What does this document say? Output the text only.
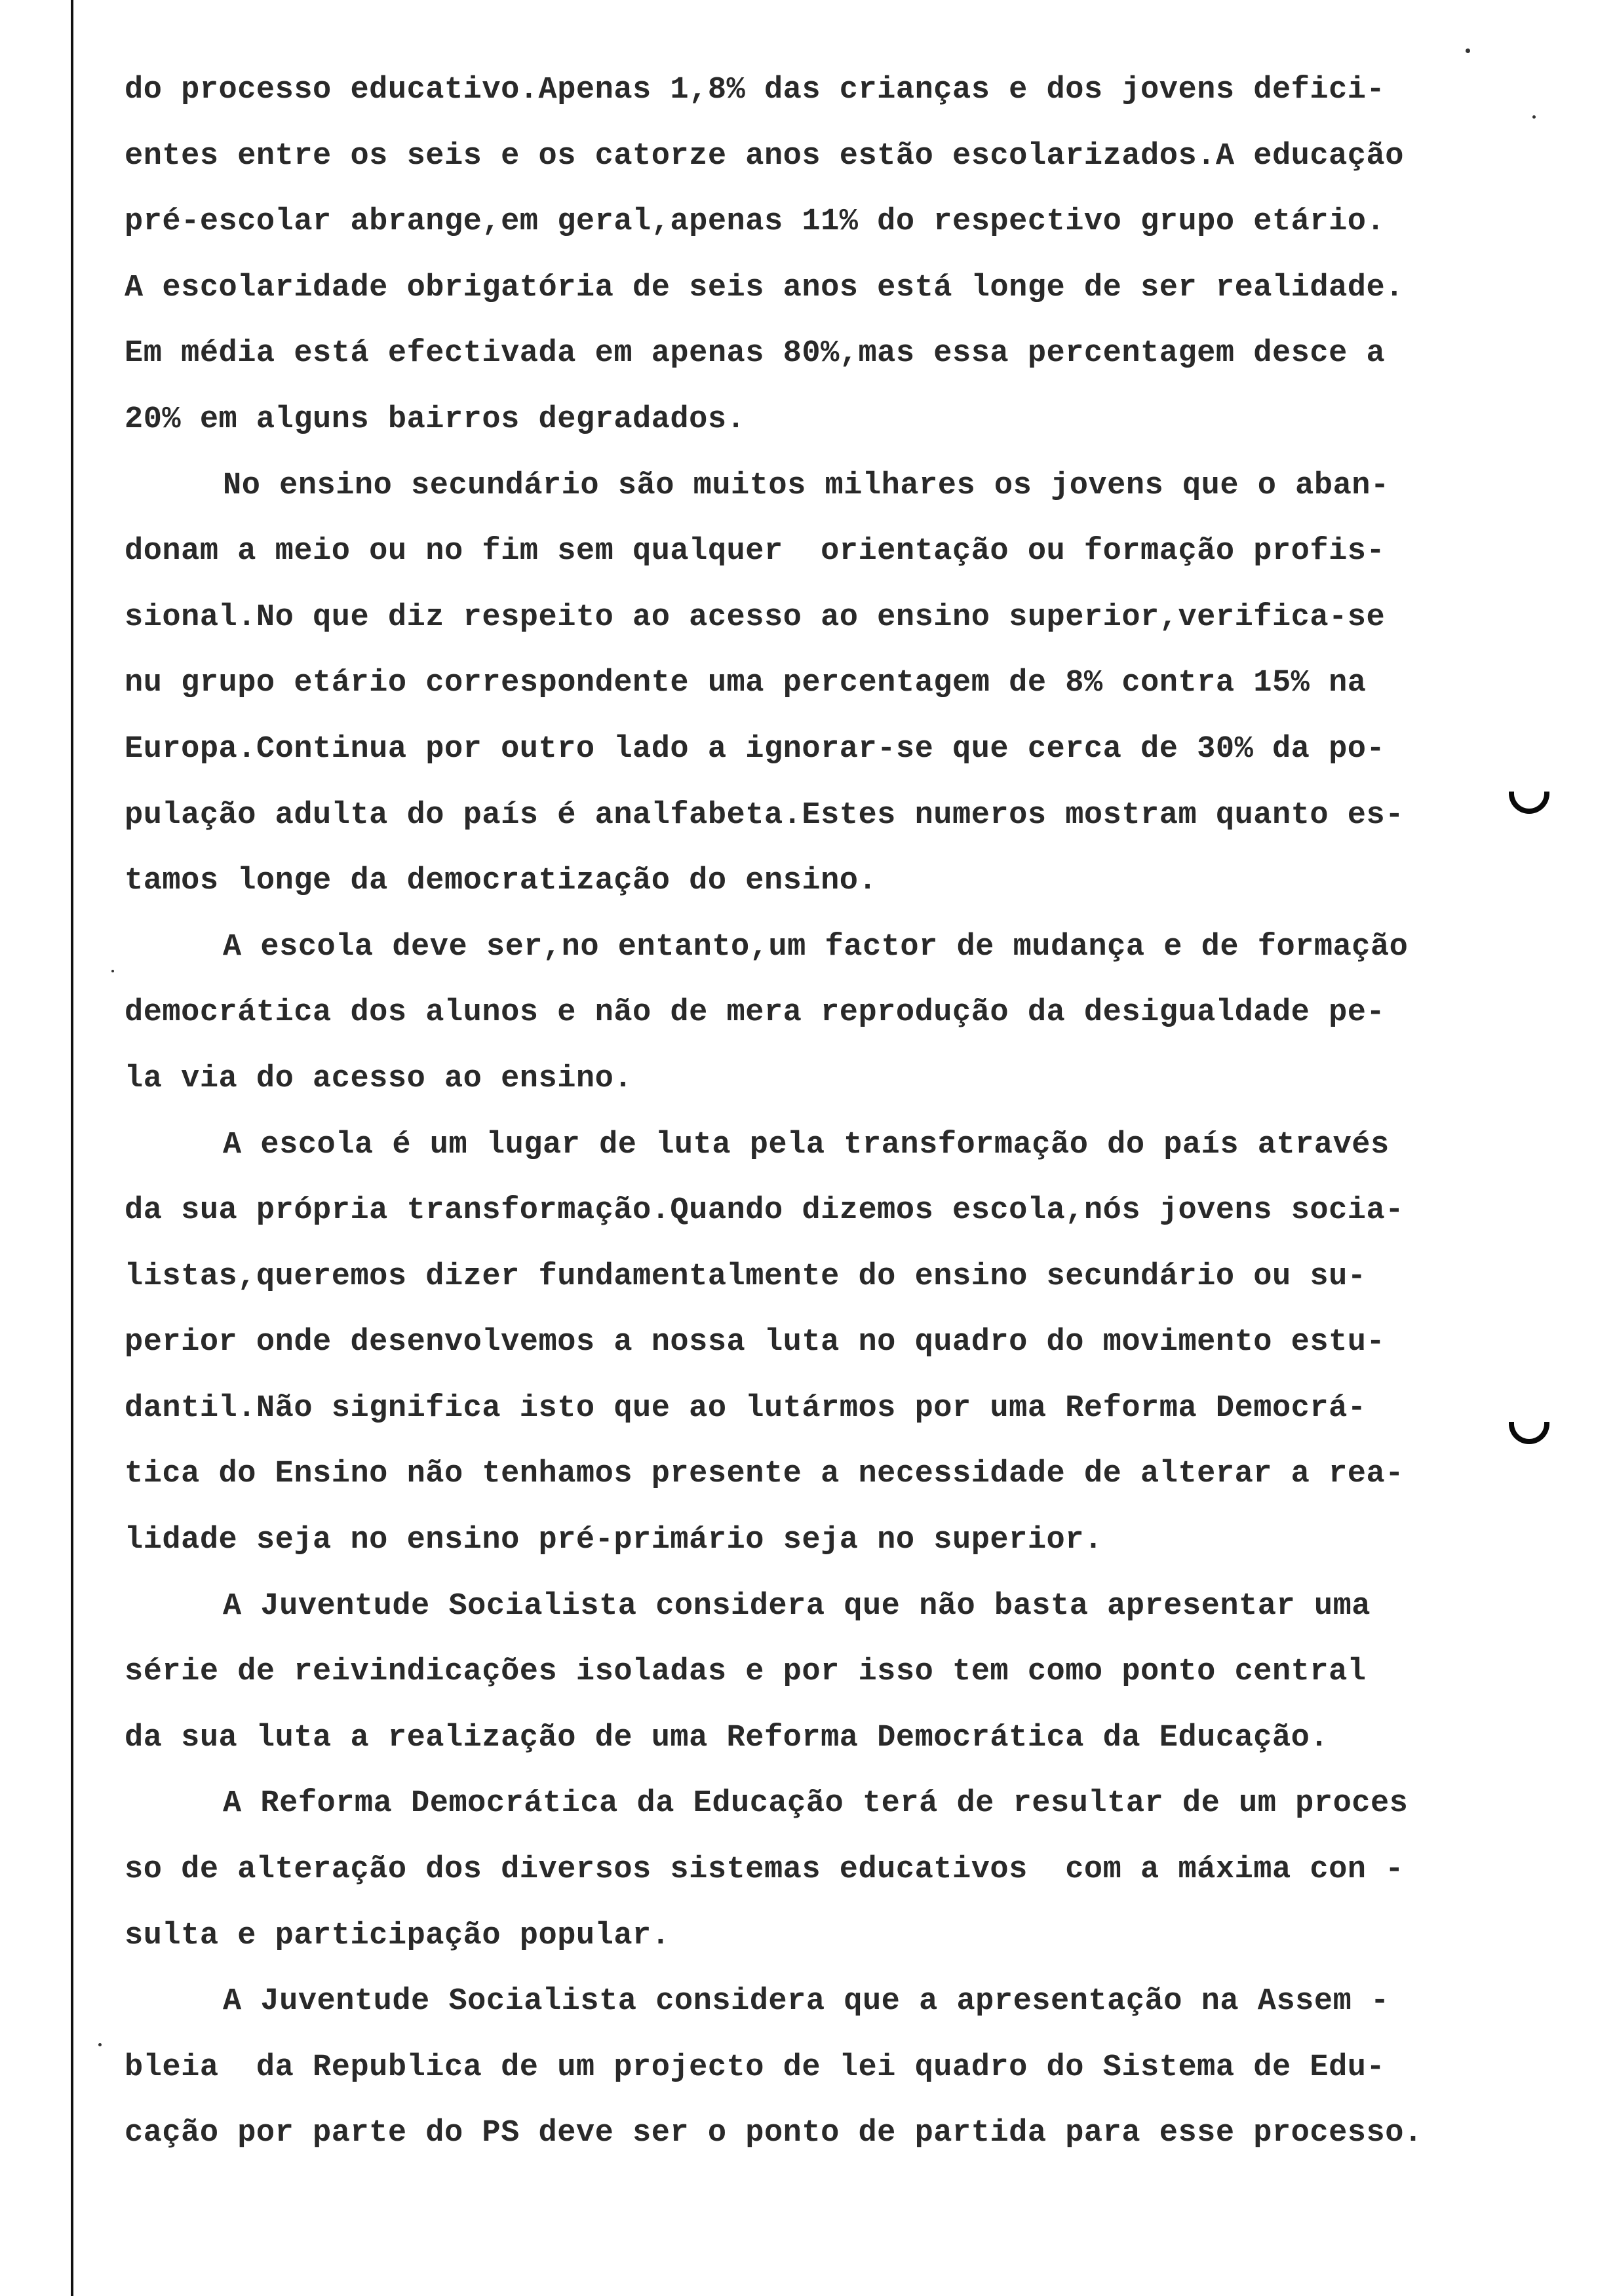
do processo educativo.Apenas 1,8% das crianças e dos jovens defici-
entes entre os seis e os catorze anos estão escolarizados.A educação
pré-escolar abrange,em geral,apenas 11% do respectivo grupo etário.
A escolaridade obrigatória de seis anos está longe de ser realidade.
Em média está efectivada em apenas 80%,mas essa percentagem desce a
20% em alguns bairros degradados.
No ensino secundário são muitos milhares os jovens que o aban-
donam a meio ou no fim sem qualquer  orientação ou formação profis-
sional.No que diz respeito ao acesso ao ensino superior,verifica-se
nu grupo etário correspondente uma percentagem de 8% contra 15% na
Europa.Continua por outro lado a ignorar-se que cerca de 30% da po-
pulação adulta do país é analfabeta.Estes numeros mostram quanto es-
tamos longe da democratização do ensino.
A escola deve ser,no entanto,um factor de mudança e de formação
democrática dos alunos e não de mera reprodução da desigualdade pe-
la via do acesso ao ensino.
A escola é um lugar de luta pela transformação do país através
da sua própria transformação.Quando dizemos escola,nós jovens socia-
listas,queremos dizer fundamentalmente do ensino secundário ou su-
perior onde desenvolvemos a nossa luta no quadro do movimento estu-
dantil.Não significa isto que ao lutármos por uma Reforma Democrá-
tica do Ensino não tenhamos presente a necessidade de alterar a rea-
lidade seja no ensino pré-primário seja no superior.
A Juventude Socialista considera que não basta apresentar uma
série de reivindicações isoladas e por isso tem como ponto central
da sua luta a realização de uma Reforma Democrática da Educação.
A Reforma Democrática da Educação terá de resultar de um proces
so de alteração dos diversos sistemas educativos  com a máxima con -
sulta e participação popular.
A Juventude Socialista considera que a apresentação na Assem -
bleia  da Republica de um projecto de lei quadro do Sistema de Edu-
cação por parte do PS deve ser o ponto de partida para esse processo.
